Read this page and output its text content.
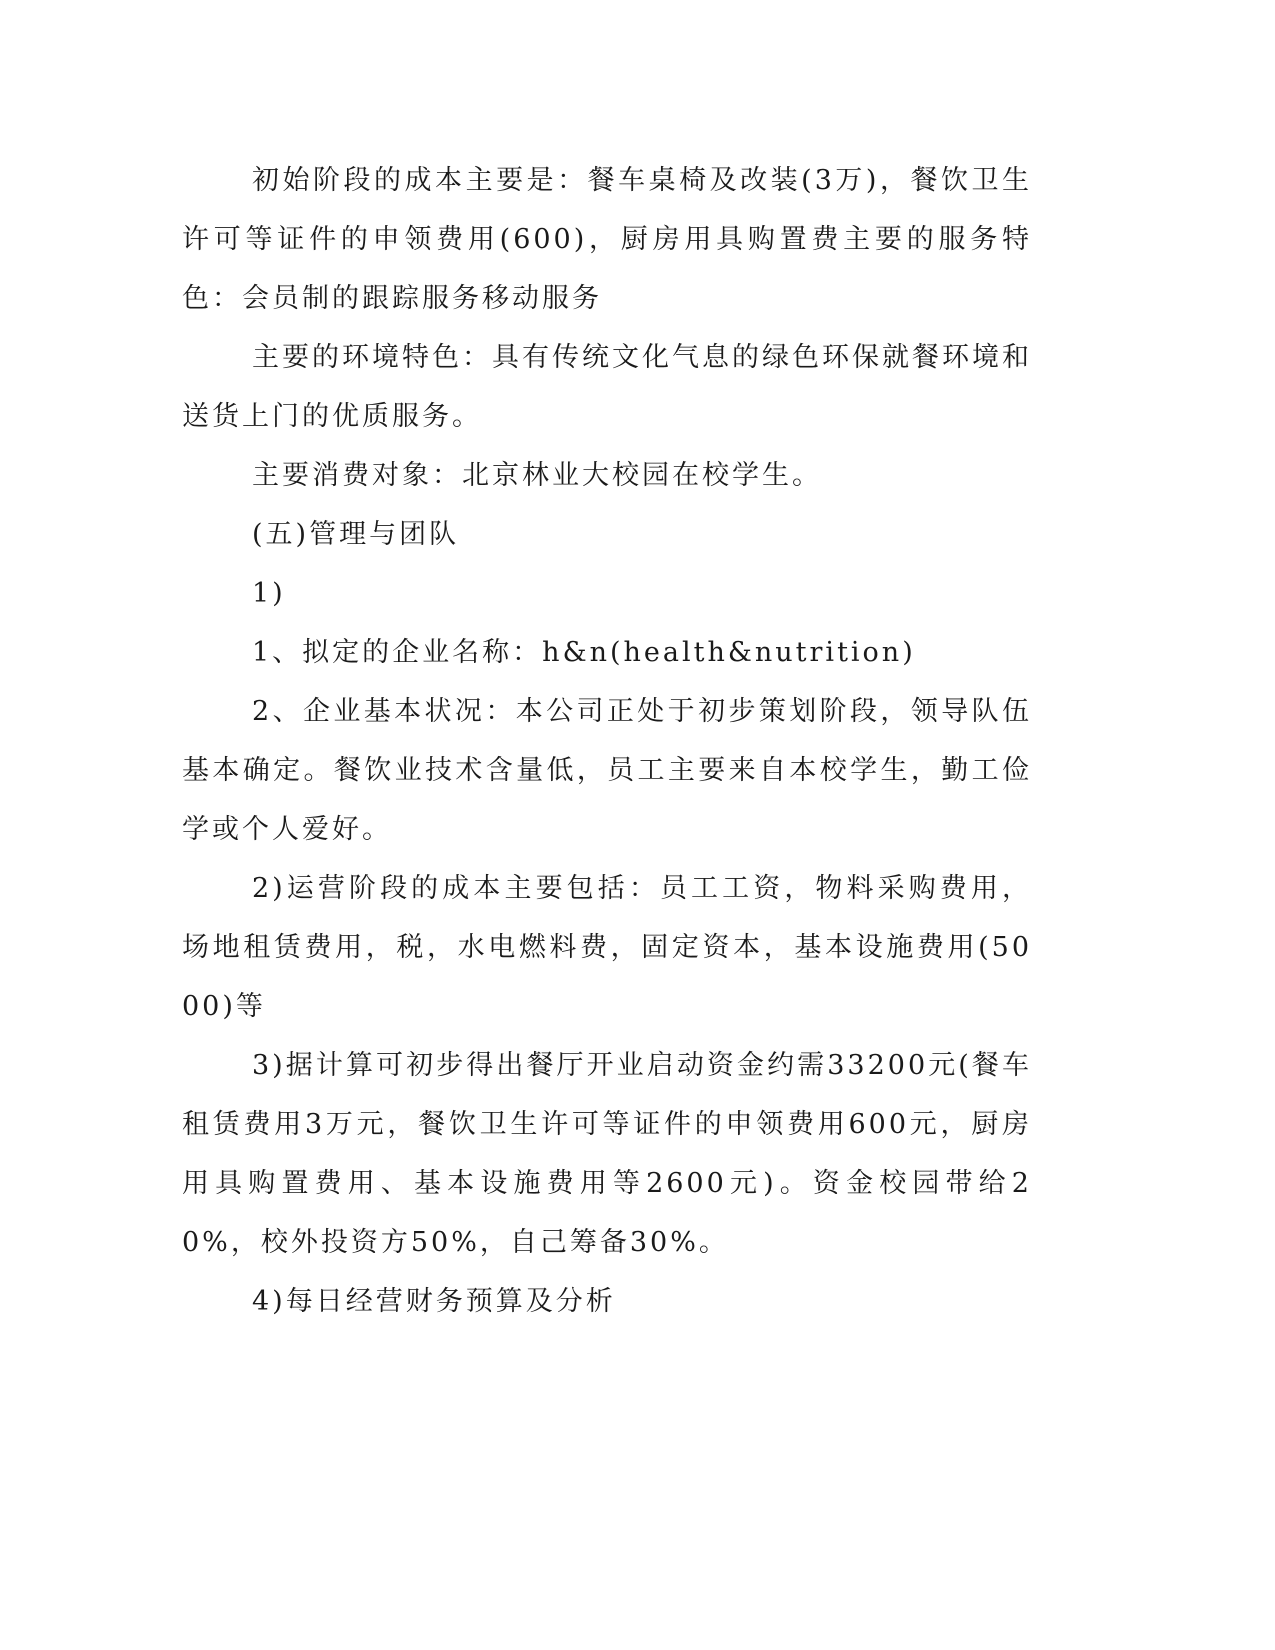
初始阶段的成本主要是：餐车桌椅及改装(3万)，餐饮卫生许可等证件的申领费用(600)，厨房用具购置费主要的服务特色：会员制的跟踪服务移动服务

主要的环境特色：具有传统文化气息的绿色环保就餐环境和送货上门的优质服务。

主要消费对象：北京林业大校园在校学生。

(五)管理与团队

1)

1、拟定的企业名称：h&n(health&nutrition)

2、企业基本状况：本公司正处于初步策划阶段，领导队伍基本确定。餐饮业技术含量低，员工主要来自本校学生，勤工俭学或个人爱好。

2)运营阶段的成本主要包括：员工工资，物料采购费用，场地租赁费用，税，水电燃料费，固定资本，基本设施费用(5000)等

3)据计算可初步得出餐厅开业启动资金约需33200元(餐车租赁费用3万元，餐饮卫生许可等证件的申领费用600元，厨房用具购置费用、基本设施费用等2600元)。资金校园带给20%，校外投资方50%，自己筹备30%。

4)每日经营财务预算及分析
